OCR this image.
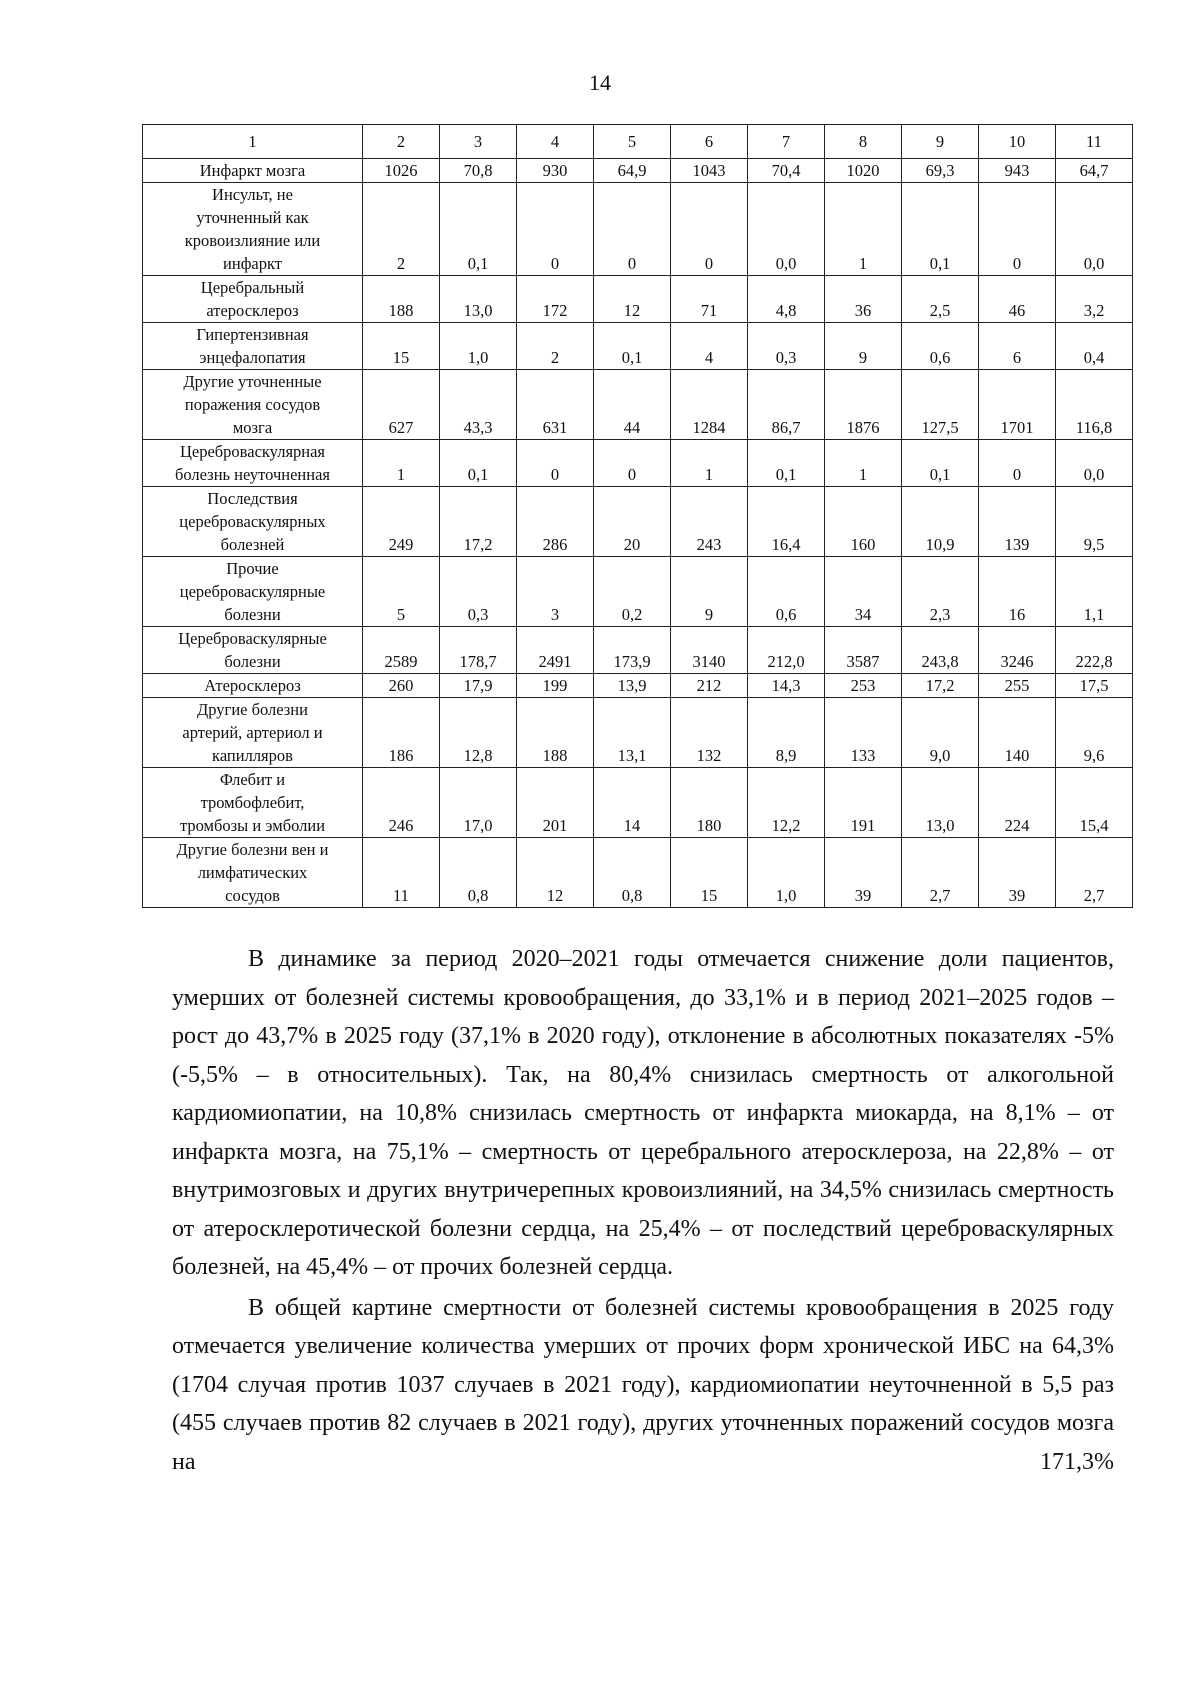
14
1	2	3	4	5	6	7	8	9	10	11

Инфаркт мозга	1026	70,8	930	64,9	1043	70,4	1020	69,3	943	64,7

Инсульт, не
уточненный как
кровоизлияние или
инфаркт	2	0,1	0	0	0	0,0	1	0,1	0	0,0

Церебральный
атеросклероз	188	13,0	172	12	71	4,8	36	2,5	46	3,2

Гипертензивная
энцефалопатия	15	1,0	2	0,1	4	0,3	9	0,6	6	0,4

Другие уточненные
поражения сосудов
мозга	627	43,3	631	44	1284	86,7	1876	127,5	1701	116,8

Цереброваскулярная
болезнь неуточненная	1	0,1	0	0	1	0,1	1	0,1	0	0,0

Последствия
цереброваскулярных
болезней	249	17,2	286	20	243	16,4	160	10,9	139	9,5

Прочие
цереброваскулярные
болезни	5	0,3	3	0,2	9	0,6	34	2,3	16	1,1

Цереброваскулярные
болезни	2589	178,7	2491	173,9	3140	212,0	3587	243,8	3246	222,8

Атеросклероз	260	17,9	199	13,9	212	14,3	253	17,2	255	17,5

Другие болезни
артерий, артериол и
капилляров	186	12,8	188	13,1	132	8,9	133	9,0	140	9,6

Флебит и
тромбофлебит,
тромбозы и эмболии	246	17,0	201	14	180	12,2	191	13,0	224	15,4

Другие болезни вен и
лимфатических
сосудов	11	0,8	12	0,8	15	1,0	39	2,7	39	2,7

В динамике за период 2020–2021 годы отмечается снижение доли пациентов, умерших от болезней системы кровообращения, до 33,1% и в период 2021–2025 годов – рост до 43,7% в 2025 году (37,1% в 2020 году), отклонение в абсолютных показателях -5% (-5,5% – в относительных). Так, на 80,4% снизилась смертность от алкогольной кардиомиопатии, на 10,8% снизилась смертность от инфаркта миокарда, на 8,1% – от инфаркта мозга, на 75,1% – смертность от церебрального атеросклероза, на 22,8% – от внутримозговых и других внутричерепных кровоизлияний, на 34,5% снизилась смертность от атеросклеротической болезни сердца, на 25,4% – от последствий цереброваскулярных болезней, на 45,4% – от прочих болезней сердца.

В общей картине смертности от болезней системы кровообращения в 2025 году отмечается увеличение количества умерших от прочих форм хронической ИБС на 64,3% (1704 случая против 1037 случаев в 2021 году), кардиомиопатии неуточненной в 5,5 раз (455 случаев против 82 случаев в 2021 году), других уточненных поражений сосудов мозга на 171,3%
